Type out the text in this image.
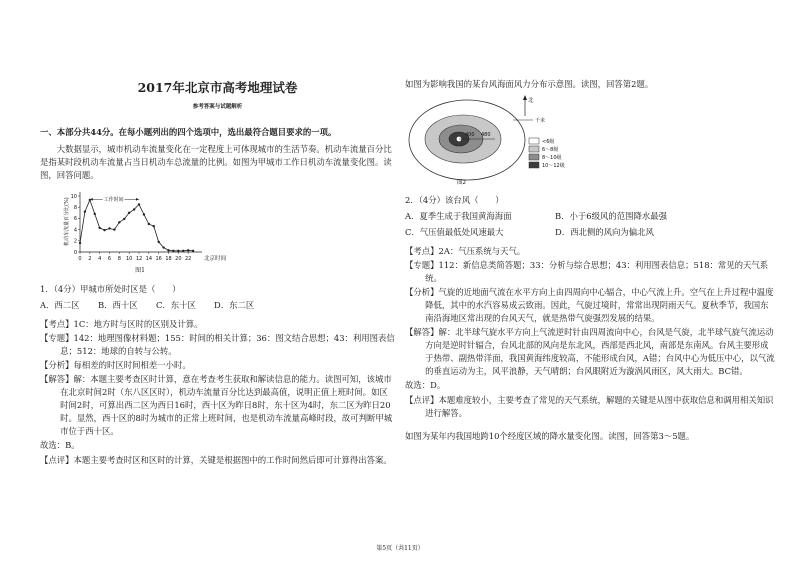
2017年北京市高考地理试卷
参考答案与试题解析
一、本部分共44分。在每小题列出的四个选项中，选出最符合题目要求的一项。

大数据显示，城市机动车流量变化在一定程度上可体现城市的生活节奏。机动车流量百分比是指某时段机动车流量占当日机动车总流量的比例。如图为甲城市工作日机动车流量变化图。读图，回答问题。

10
8
6
4
2
0
0 2 4 6 8 10 12 14 16 18 20 22 北京时间
机动车流量百分比(%)	工作时间
图1
1．（4分）甲城市所处时区是（　　）
A．西二区	B．西十区	C．东十区	D．东二区

【考点】1C：地方时与区时的区别及计算。

【专题】142：地理图像材料题；155：时间的相关计算；36：图文结合思想；43：利用图表信息；512：地球的自转与公转。

【分析】每相差的时区时间相差一小时。

【解答】解：本题主要考查区时计算，意在考查考生获取和解读信息的能力。读图可知，该城市在北京时间2时（东八区区时），机动车流量百分比达到最高值，说明正值上班时间。如区时间2时，可算出西二区为西日16时，西十区为昨日8时，东十区为4时，东二区为昨日20时。显然，西十区的8时为城市的正常上班时间，也是机动车流量高峰时段，故可判断甲城市位于西十区。

故选：B。

【点评】本题主要考查时区和区时的计算，关键是根据图中的工作时间然后即可计算得出答案。

如图为影响我国的某台风海面风力分布示意图。读图，回答第2题。

400 480
北
千米
<6级
6～8级
8～10级
10～12级
图2
2．（4分）该台风（　　）
A．夏季生成于我国黄海海面	B．小于6级风的范围降水最强
C．气压值最低处风速最大	D．西北侧的风向为偏北风

【考点】2A：气压系统与天气。

【专题】112：新信息类简答题；33：分析与综合思想；43：利用图表信息；518：常见的天气系统。

【分析】气旋的近地面气流在水平方向上由四周向中心辐合，中心气流上升。空气在上升过程中温度降低，其中的水汽容易成云致雨。因此，气旋过境时，常常出现阴雨天气。夏秋季节，我国东南沿海地区常出现的台风天气，就是热带气旋强烈发展的结果。

【解答】解：北半球气旋水平方向上气流逆时针由四周流向中心，台风是气旋，北半球气旋气流运动方向是逆时针辐合，台风北部的风向是东北风，西部是西北风，南部是东南风。台风主要形成于热带、副热带洋面，我国黄海纬度较高，不能形成台风，A错；台风中心为低压中心，以气流的垂直运动为主，风平浪静，天气晴朗；台风眼附近为漩涡风雨区，风大雨大。BC错。

故选：D。

【点评】本题难度较小，主要考查了常见的天气系统，解题的关键是从图中获取信息和调用相关知识进行解答。

如图为某年内我国地跨10个经度区域的降水量变化图。读图，回答第3～5题。

第5页（共11页）
